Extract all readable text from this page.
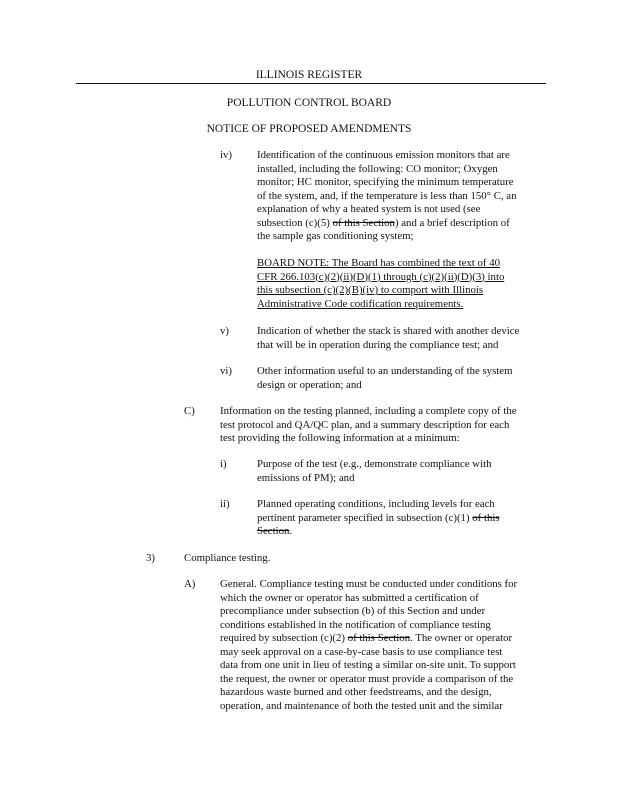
ILLINOIS REGISTER
POLLUTION CONTROL BOARD
NOTICE OF PROPOSED AMENDMENTS
iv) Identification of the continuous emission monitors that are

installed, including the following: CO monitor; Oxygen

monitor; HC monitor, specifying the minimum temperature

of the system, and, if the temperature is less than 150° C, an

explanation of why a heated system is not used (see

subsection (c)(5) of this Section) and a brief description of

the sample gas conditioning system;

BOARD NOTE: The Board has combined the text of 40

CFR 266.103(c)(2)(ii)(D)(1) through (c)(2)(ii)(D)(3) into

this subsection (c)(2)(B)(iv) to comport with Illinois

Administrative Code codification requirements.

v)	Indication of whether the stack is shared with another device

that will be in operation during the compliance test; and

vi) Other information useful to an understanding of the system

design or operation; and

C) Information on the testing planned, including a complete copy of the

test protocol and QA/QC plan, and a summary description for each

test providing the following information at a minimum:

i)	Purpose of the test (e.g., demonstrate compliance with

emissions of PM); and

ii)	Planned operating conditions, including levels for each

pertinent parameter specified in subsection (c)(1) of this

Section.

3)	Compliance testing.
A) General. Compliance testing must be conducted under conditions for

which the owner or operator has submitted a certification of

precompliance under subsection (b) of this Section and under

conditions established in the notification of compliance testing

required by subsection (c)(2) of this Section. The owner or operator

may seek approval on a case-by-case basis to use compliance test

data from one unit in lieu of testing a similar on-site unit. To support

the request, the owner or operator must provide a comparison of the

hazardous waste burned and other feedstreams, and the design,

operation, and maintenance of both the tested unit and the similar
